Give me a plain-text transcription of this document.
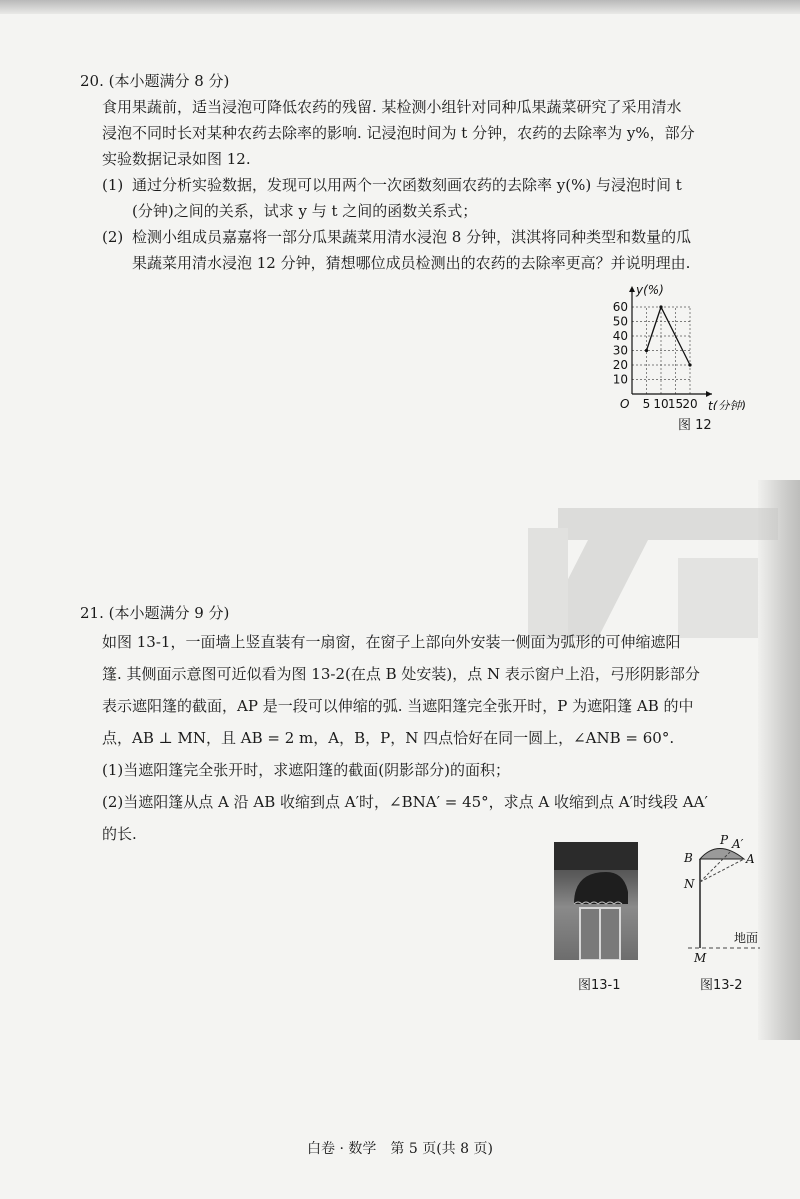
20. (本小题满分 8 分)

食用果蔬前，适当浸泡可降低农药的残留. 某检测小组针对同种瓜果蔬菜研究了采用清水

浸泡不同时长对某种农药去除率的影响. 记浸泡时间为 t 分钟，农药的去除率为 y%，部分

实验数据记录如图 12.

(1) 通过分析实验数据，发现可以用两个一次函数刻画农药的去除率 y(%) 与浸泡时间 t

(分钟)之间的关系，试求 y 与 t 之间的函数关系式；

(2) 检测小组成员嘉嘉将一部分瓜果蔬菜用清水浸泡 8 分钟，淇淇将同种类型和数量的瓜

果蔬菜用清水浸泡 12 分钟，猜想哪位成员检测出的农药的去除率更高？并说明理由.

10
20
30
40
50
60
5 10 15 20
y(%)
t(分钟)
O
图 12

21. (本小题满分 9 分)

如图 13-1，一面墙上竖直装有一扇窗，在窗子上部向外安装一侧面为弧形的可伸缩遮阳

篷. 其侧面示意图可近似看为图 13-2(在点 B 处安装)，点 N 表示窗户上沿，弓形阴影部分

表示遮阳篷的截面，AP 是一段可以伸缩的弧. 当遮阳篷完全张开时，P 为遮阳篷 AB 的中

点，AB ⊥ MN，且 AB = 2 m，A，B，P，N 四点恰好在同一圆上，∠ANB = 60°.

(1)当遮阳篷完全张开时，求遮阳篷的截面(阴影部分)的面积；

(2)当遮阳篷从点 A 沿 AB 收缩到点 A′时，∠BNA′ = 45°，求点 A 收缩到点 A′时线段 AA′

的长.

图13-1
P A′
B	A
N
M
地面
图13-2
白卷 · 数学　第 5 页(共 8 页)
